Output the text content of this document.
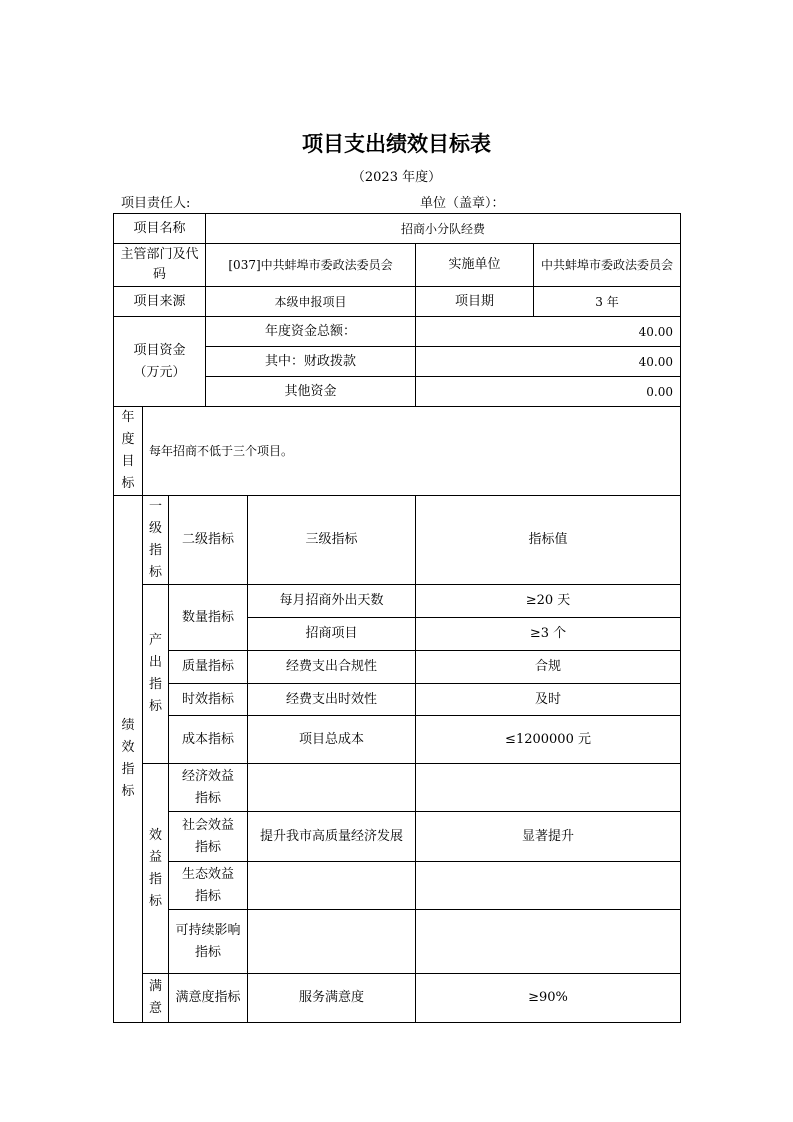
项目支出绩效目标表
（2023 年度）
项目责任人:	单位（盖章）：
项目名称			招商小分队经费			

主管部门及代码			[037]中共蚌埠市委政法委员会		实施单位	中共蚌埠市委政法委员会
项目来源			本级申报项目		项目期	3 年

项目资金（万元）			年度资金总额：		40.00	
			其中：财政拨款		40.00	
			其他资金		0.00	

年度目标	每年招商不低于三个项目。					

绩效指标	一级指标	二级指标		三级指标	指标值	

	产出指标	数量指标		每月招商外出天数	≥20 天	
				招商项目	≥3 个	
		质量指标		经费支出合规性	合规	
		时效指标		经费支出时效性	及时	
		成本指标		项目总成本	≤1200000 元	

	效益指标	经济效益指标				

		社会效益指标		提升我市高质量经济发展	显著提升	

		生态效益指标				

		可持续影响指标				

	满意	满意度指标		服务满意度	≥90%	
